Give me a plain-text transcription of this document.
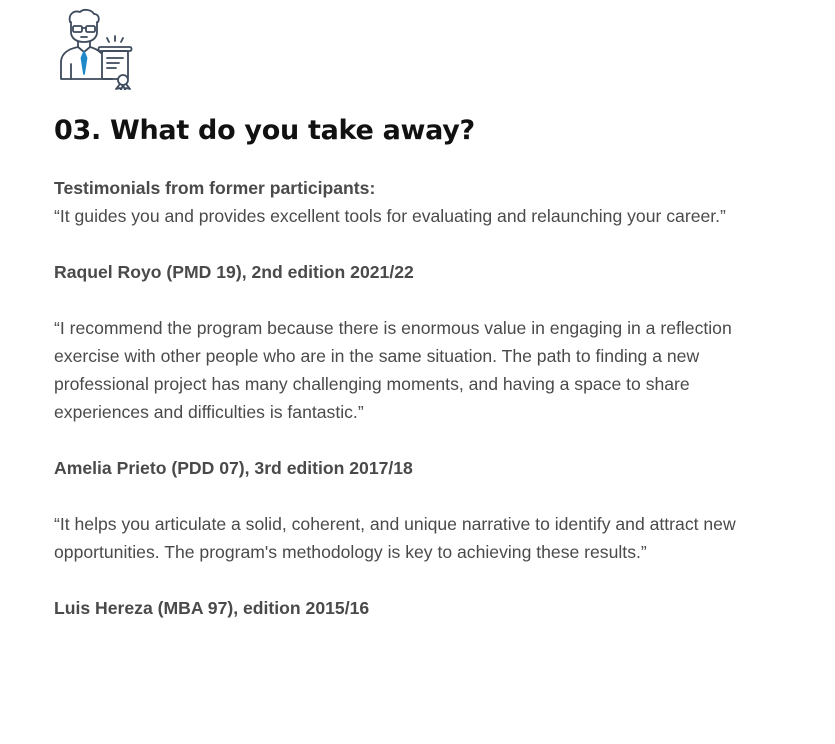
03. What do you take away?

Testimonials from former participants:

“It guides you and provides excellent tools for evaluating and relaunching your career.”

Raquel Royo (PMD 19), 2nd edition 2021/22

“I recommend the program because there is enormous value in engaging in a reflection exercise with other people who are in the same situation. The path to finding a new professional project has many challenging moments, and having a space to share experiences and difficulties is fantastic.”

Amelia Prieto (PDD 07), 3rd edition 2017/18

“It helps you articulate a solid, coherent, and unique narrative to identify and attract new opportunities. The program's methodology is key to achieving these results.”

Luis Hereza (MBA 97), edition 2015/16
